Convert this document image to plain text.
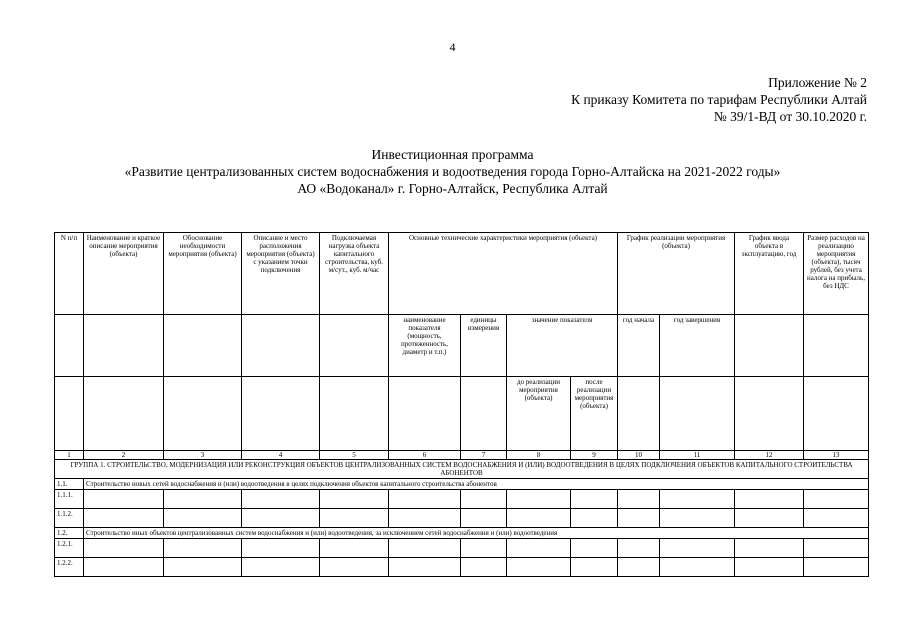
4
Приложение № 2
К приказу Комитета по тарифам Республики Алтай
№ 39/1-ВД от 30.10.2020 г.
Инвестиционная программа
«Развитие централизованных систем водоснабжения и водоотведения города Горно-Алтайска на 2021-2022 годы»
АО «Водоканал» г. Горно-Алтайск, Республика Алтай
N п/п	Наименование и краткое описание мероприятия (объекта)	Обоснование необходимости мероприятия (объекта)	Описание и место расположения мероприятия (объекта) с указанием точки подключения	Подключаемая нагрузка объекта капитального строительства, куб. м/сут., куб. м/час	Основные технические характеристики мероприятия (объекта)				График реализации мероприятия (объекта)		График ввода объекта в эксплуатацию, год	Размер расходов на реализацию мероприятия (объекта), тысяч рублей, без учета налога на прибыль, без НДС
					наименование показателя (мощность, протяженность, диаметр и т.п.)	единицы измерения	значение показателя		год начала	год завершения		
							до реализации мероприятия (объекта)	после реализации мероприятия (объекта)				
1	2	3	4	5	6	7	8	9	10	11	12	13
ГРУППА 1. СТРОИТЕЛЬСТВО, МОДЕРНИЗАЦИЯ ИЛИ РЕКОНСТРУКЦИЯ ОБЪЕКТОВ ЦЕНТРАЛИЗОВАННЫХ СИСТЕМ ВОДОСНАБЖЕНИЯ И (ИЛИ) ВОДООТВЕДЕНИЯ В ЦЕЛЯХ ПОДКЛЮЧЕНИЯ ОБЪЕКТОВ КАПИТАЛЬНОГО СТРОИТЕЛЬСТВА АБОНЕНТОВ												
1.1.	Строительство новых сетей водоснабжения и (или) водоотведения в целях подключения объектов капитального строительства абонентов											
1.1.1.												
1.1.2.												
1.2.	Строительство иных объектов централизованных систем водоснабжения и (или) водоотведения, за исключением сетей водоснабжения и (или) водоотведения											
1.2.1.												
1.2.2.												
